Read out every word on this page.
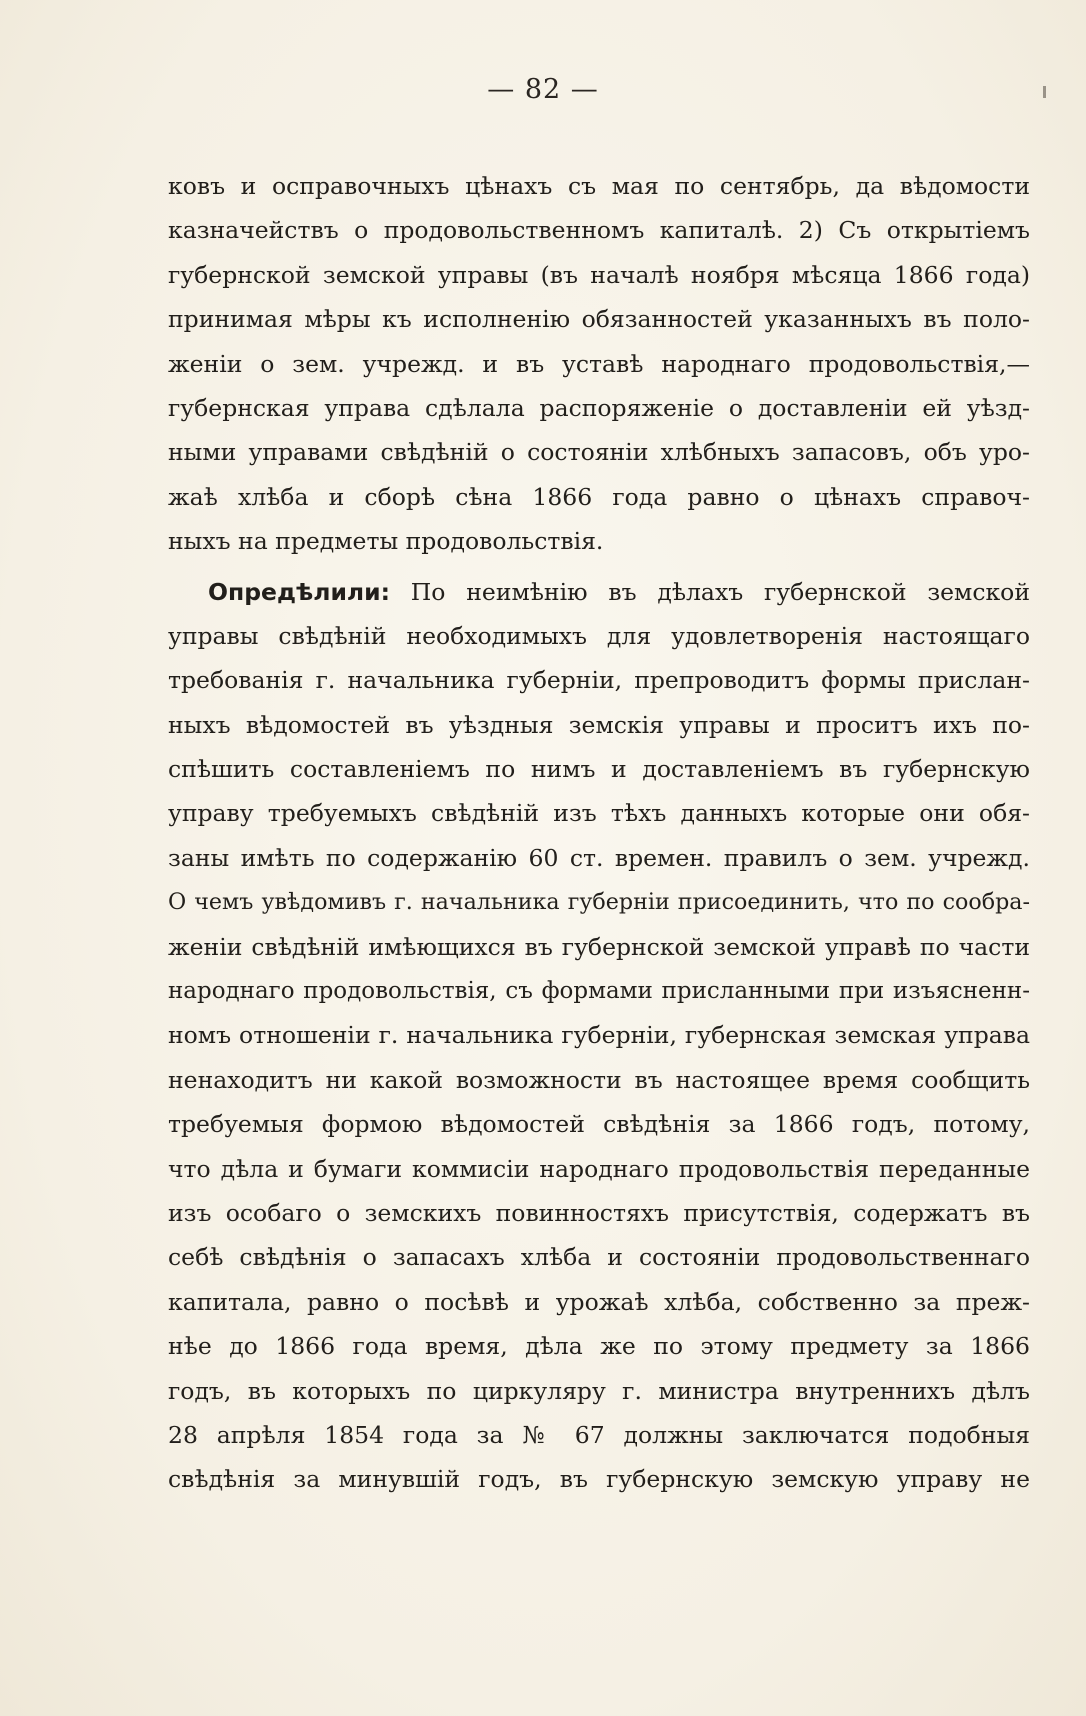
— 82 —
ковъ и осправочныхъ цѣнахъ съ мая по сентябрь, да вѣдомости
казначействъ о продовольственномъ капиталѣ. 2) Съ открытіемъ
губернской земской управы (въ началѣ ноября мѣсяца 1866 года)
принимая мѣры къ исполненію обязанностей указанныхъ въ поло-
женіи о зем. учрежд. и въ уставѣ народнаго продовольствія,—
губернская управа сдѣлала распоряженіе о доставленіи ей уѣзд-
ными управами свѣдѣній о состояніи хлѣбныхъ запасовъ, объ уро-
жаѣ хлѣба и сборѣ сѣна 1866 года равно о цѣнахъ справоч-
ныхъ на предметы продовольствія.
Опредѣлили: По неимѣнію въ дѣлахъ губернской земской
управы свѣдѣній необходимыхъ для удовлетворенія настоящаго
требованія г. начальника губерніи, препроводитъ формы прислан-
ныхъ вѣдомостей въ уѣздныя земскія управы и проситъ ихъ по-
спѣшить составленіемъ по нимъ и доставленіемъ въ губернскую
управу требуемыхъ свѣдѣній изъ тѣхъ данныхъ которые они обя-
заны имѣть по содержанію 60 ст. времен. правилъ о зем. учрежд.
О чемъ увѣдомивъ г. начальника губерніи присоединить, что по сообра-
женіи свѣдѣній имѣющихся въ губернской земской управѣ по части
народнаго продовольствія, съ формами присланными при изъясненн-
номъ отношеніи г. начальника губерніи, губернская земская управа
ненаходитъ ни какой возможности въ настоящее время сообщить
требуемыя формою вѣдомостей свѣдѣнія за 1866 годъ, потому,
что дѣла и бумаги коммисіи народнаго продовольствія переданные
изъ особаго о земскихъ повинностяхъ присутствія, содержатъ въ
себѣ свѣдѣнія о запасахъ хлѣба и состояніи продовольственнаго
капитала, равно о посѣвѣ и урожаѣ хлѣба, собственно за преж-
нѣе до 1866 года время, дѣла же по этому предмету за 1866
годъ, въ которыхъ по циркуляру г. министра внутреннихъ дѣлъ
28 апрѣля 1854 года за № 67 должны заключатся подобныя
свѣдѣнія за минувшій годъ, въ губернскую земскую управу не
